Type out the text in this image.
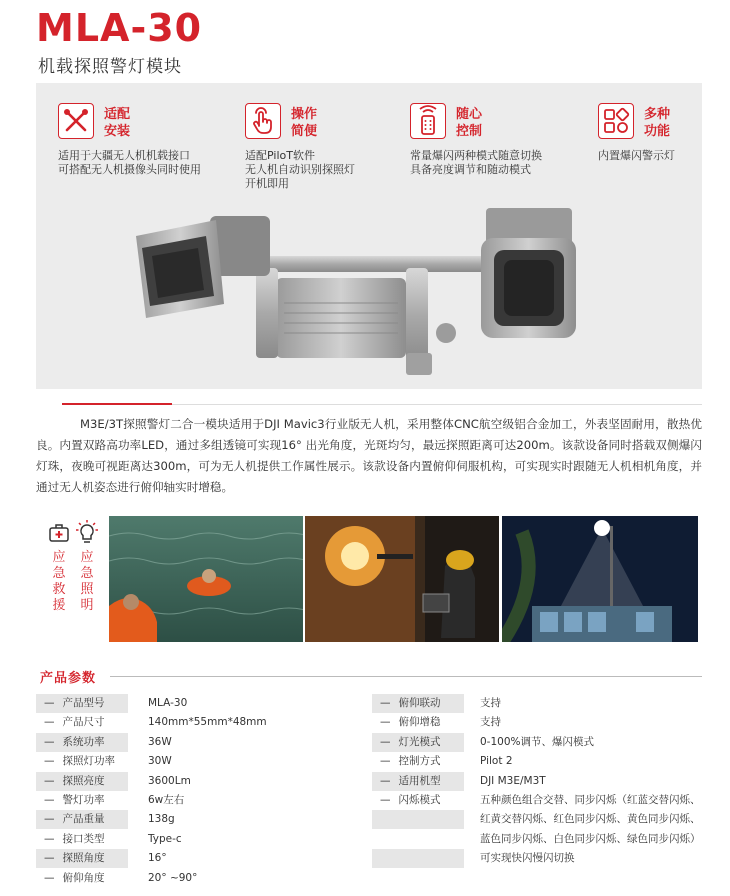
MLA-30
机载探照警灯模块
适配
安装
适用于大疆无人机机载接口
可搭配无人机摄像头同时使用
操作
简便
适配PiloT软件
无人机自动识别探照灯
开机即用
随心
控制
常量爆闪两种模式随意切换
具备亮度调节和随动模式
多种
功能
内置爆闪警示灯
M3E/3T探照警灯二合一模块适用于DJI Mavic3行业版无人机，采用整体CNC航空级铝合金加工，外表坚固耐用，散热优良。内置双路高功率LED，通过多组透镜可实现16° 出光角度，光斑均匀，最远探照距离可达200m。该款设备同时搭载双侧爆闪灯珠，夜晚可视距离达300m，可为无人机提供工作属性展示。该款设备内置俯仰伺服机构，可实现实时跟随无人机相机角度，并通过无人机姿态进行俯仰轴实时增稳。
应急救援
应急照明
产品参数
— 产品型号	MLA-30
— 产品尺寸	140mm*55mm*48mm
— 系统功率	36W
— 探照灯功率	30W
— 探照亮度	3600Lm
— 警灯功率	6w左右
— 产品重量	138g
— 接口类型	Type-c
— 探照角度	16°
— 俯仰角度	20° ~90°
— 俯仰联动	支持
— 俯仰增稳	支持
— 灯光模式	0-100%调节、爆闪模式
— 控制方式	Pilot 2
— 适用机型	DJI M3E/M3T
— 闪烁模式	五种颜色组合交替、同步闪烁（红蓝交替闪烁、
红黄交替闪烁、红色同步闪烁、黄色同步闪烁、
蓝色同步闪烁、白色同步闪烁、绿色同步闪烁）
可实现快闪慢闪切换
